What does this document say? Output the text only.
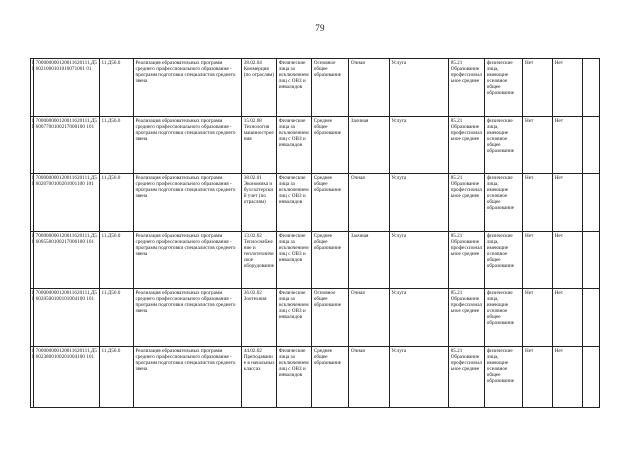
79
11	700000000120011620111,Д56021000101010071001 01	11.Д56.0	Реализация образовательных программ среднего профессионального образования - программ подготовки специалистов среднего звена	38.02.04 Коммерция (по отраслям)	Физические лица за исключением лиц с ОВЗ и инвалидов	Основное общее образование	Очная	Услуга	85.21 Образование профессиональное среднее	физические лица, имеющие основное общее образование	Нет	Нет	
11	700000000120011620111,Д56007700100217000100 101	11.Д56.0	Реализация образовательных программ среднего профессионального образования - программ подготовки специалистов среднего звена	15.02.08 Технология машиностроения	Физические лица за исключением лиц с ОВЗ и инвалидов	Среднее общее образование	Заочная	Услуга	85.21 Образование профессиональное среднее	физические лица, имеющие основное общее образование	Нет	Нет	
11	700000000120011620111,Д56020700100201001100 101	11.Д56.0	Реализация образовательных программ среднего профессионального образования - программ подготовки специалистов среднего звена	38.02.01 Экономика и бухгалтерский учет (по отраслям)	Физические лица за исключением лиц с ОВЗ и инвалидов	Среднее общее образование	Очная	Услуга	85.21 Образование профессиональное среднее	физические лица, имеющие основное общее образование	Нет	Нет	
11	700000000120011620111,Д56005500100217006100 101	11.Д56.0	Реализация образовательных программ среднего профессионального образования - программ подготовки специалистов среднего звена	13.02.02 Теплоснабжение и теплотехническое оборудование	Физические лица за исключением лиц с ОВЗ и инвалидов	Среднее общее образование	Заочная	Услуга	85.21 Образование профессиональное среднее	физические лица, имеющие основное общее образование	Нет	Нет	
11	700000000120011620111,Д56020500100101004100 101	11.Д56.0	Реализация образовательных программ среднего профессионального образования - программ подготовки специалистов среднего звена	36.02.02 Зоотехния	Физические лица за исключением лиц с ОВЗ и инвалидов	Основное общее образование	Очная	Услуга	85.21 Образование профессиональное среднее	физические лица, имеющие основное общее образование	Нет	Нет	
11	700000000120011620111,Д56023800100201004100 101	11.Д56.0	Реализация образовательных программ среднего профессионального образования - программ подготовки специалистов среднего звена	44.02.02 Преподавание в начальных классах	Физические лица за исключением лиц с ОВЗ и инвалидов	Среднее общее образование	Очная	Услуга	85.21 Образование профессиональное среднее	физические лица, имеющие основное общее образование	Нет	Нет	
